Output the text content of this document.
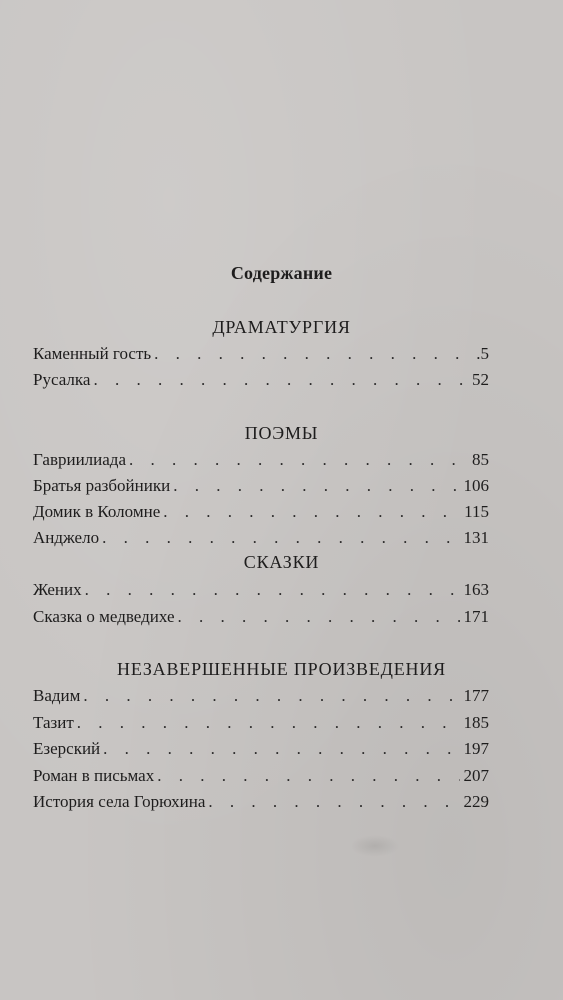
Содержание
ДРАМАТУРГИЯ
Каменный гость . . .	.5
Русалка . . .	52
ПОЭМЫ
Гавриилиада . . .	85
Братья разбойники . . .	106
Домик в Коломне . . .	115
Анджело . . .	131
СКАЗКИ
Жених . . .	163
Сказка о медведихе . . .	171
НЕЗАВЕРШЕННЫЕ ПРОИЗВЕДЕНИЯ
Вадим . . .	177
Тазит . . .	185
Езерский . . .	197
Роман в письмах . . .	207
История села Горюхина . . .	229
